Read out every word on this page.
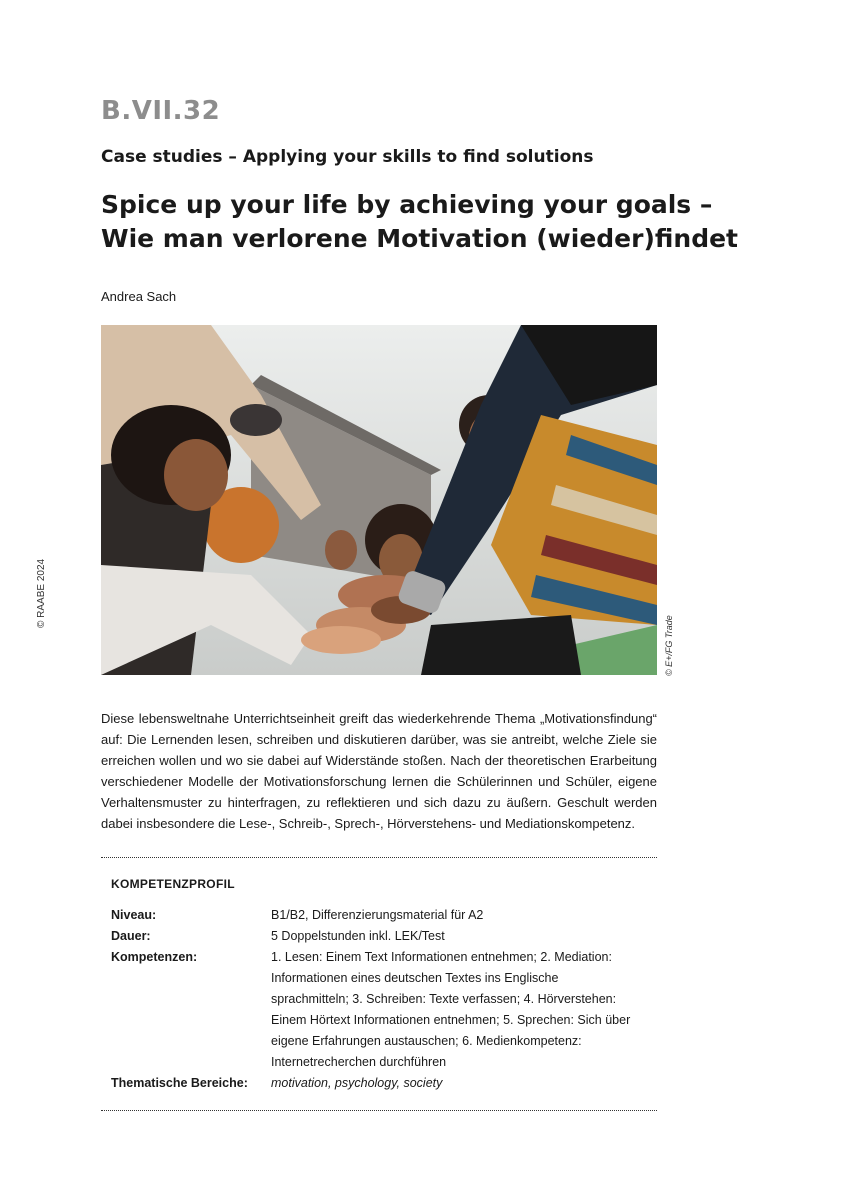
B.VII.32
Case studies – Applying your skills to find solutions
Spice up your life by achieving your goals –
Wie man verlorene Motivation (wieder)findet
Andrea Sach
© RAABE 2024
© E+/FG Trade

Diese lebensweltnahe Unterrichtseinheit greift das wiederkehrende Thema „Motivationsfindung“ auf: Die Lernenden lesen, schreiben und diskutieren darüber, was sie antreibt, welche Ziele sie erreichen wollen und wo sie dabei auf Widerstände stoßen. Nach der theoretischen Erarbeitung verschiedener Modelle der Motivationsforschung lernen die Schülerinnen und Schüler, eigene Verhaltensmuster zu hinterfragen, zu reflektieren und sich dazu zu äußern. Geschult werden dabei insbesondere die Lese-, Schreib-, Sprech-, Hörverstehens- und Mediationskompetenz.

KOMPETENZPROFIL
Niveau:	B1/B2, Differenzierungsmaterial für A2
Dauer:	5 Doppelstunden inkl. LEK/Test
Kompetenzen:	1. Lesen: Einem Text Informationen entnehmen; 2. Mediation: Informationen eines deutschen Textes ins Englische sprachmitteln; 3. Schreiben: Texte verfassen; 4. Hörverstehen: Einem Hörtext Informationen entnehmen; 5. Sprechen: Sich über eigene Erfahrungen austauschen; 6. Medienkompetenz: Internetrecherchen durchführen
Thematische Bereiche:	motivation, psychology, society
